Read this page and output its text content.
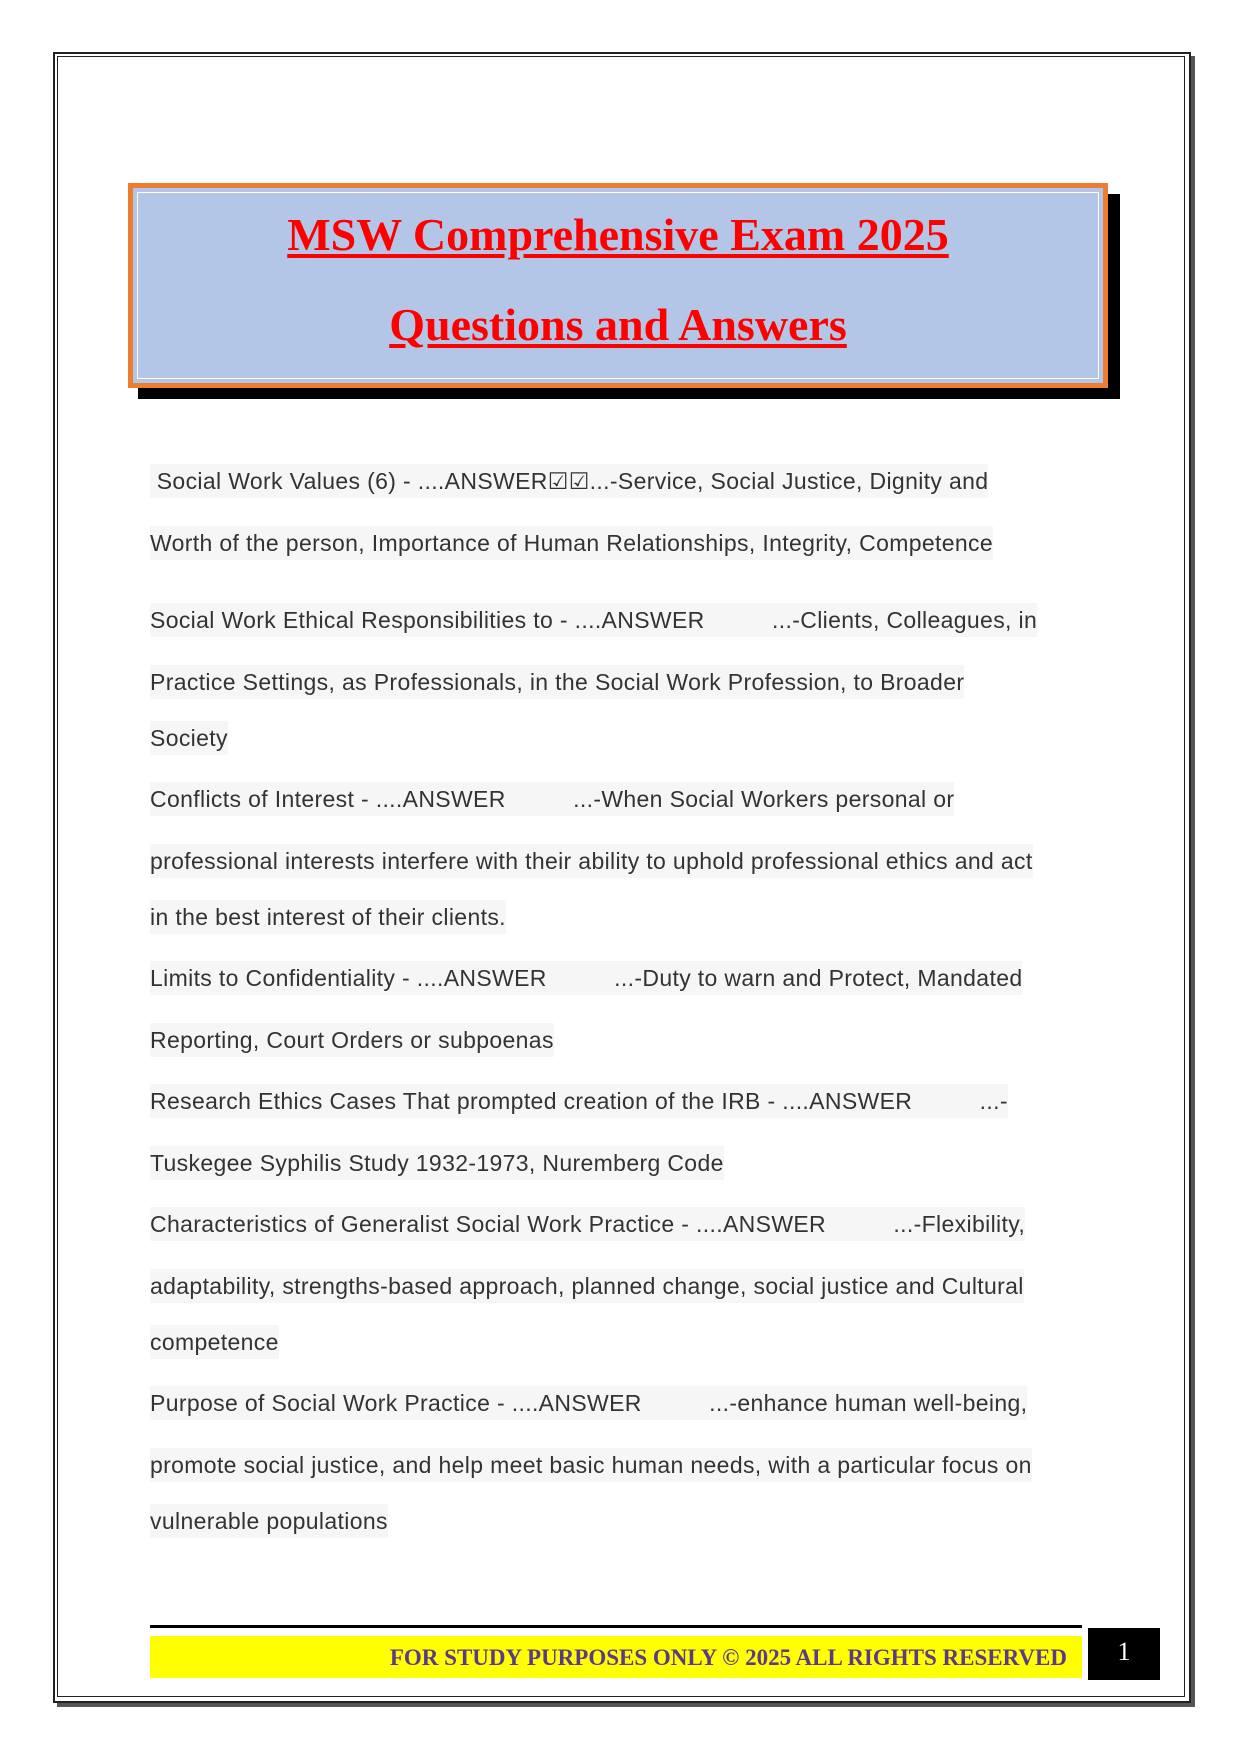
MSW Comprehensive Exam 2025
Questions and Answers
Social Work Values (6) - ....ANSWER☑☑...-Service, Social Justice, Dignity and
Worth of the person, Importance of Human Relationships, Integrity, Competence
Social Work Ethical Responsibilities to - ....ANSWER          ...-Clients, Colleagues, in
Practice Settings, as Professionals, in the Social Work Profession, to Broader
Society
Conflicts of Interest - ....ANSWER          ...-When Social Workers personal or
professional interests interfere with their ability to uphold professional ethics and act
in the best interest of their clients.
Limits to Confidentiality - ....ANSWER          ...-Duty to warn and Protect, Mandated
Reporting, Court Orders or subpoenas
Research Ethics Cases That prompted creation of the IRB - ....ANSWER          ...-
Tuskegee Syphilis Study 1932-1973, Nuremberg Code
Characteristics of Generalist Social Work Practice - ....ANSWER          ...-Flexibility,
adaptability, strengths-based approach, planned change, social justice and Cultural
competence
Purpose of Social Work Practice - ....ANSWER          ...-enhance human well-being,
promote social justice, and help meet basic human needs, with a particular focus on
vulnerable populations
FOR STUDY PURPOSES ONLY © 2025 ALL RIGHTS RESERVED	1
